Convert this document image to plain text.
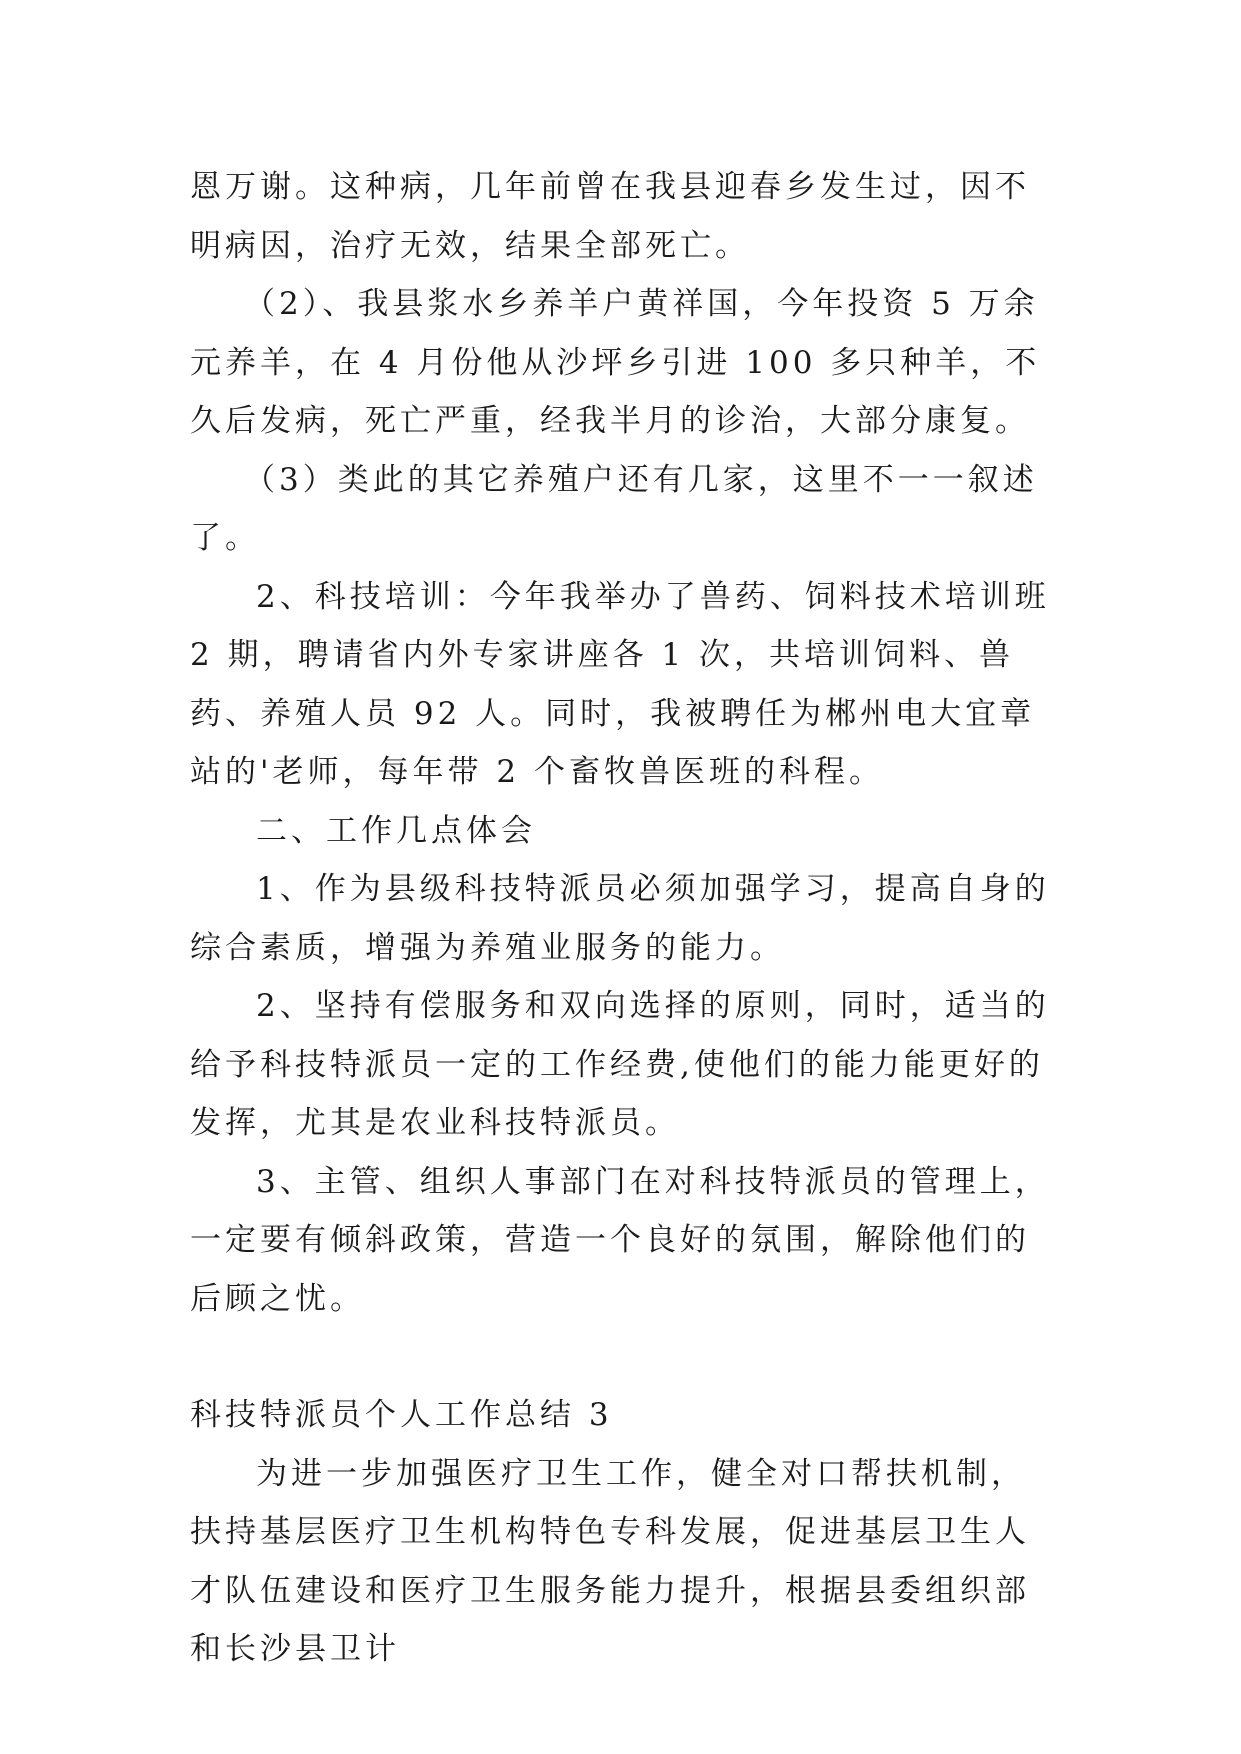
恩万谢。这种病，几年前曾在我县迎春乡发生过，因不明病因，治疗无效，结果全部死亡。

（2）、我县浆水乡养羊户黄祥国，今年投资 5 万余元养羊，在 4 月份他从沙坪乡引进 100 多只种羊，不久后发病，死亡严重，经我半月的诊治，大部分康复。

（3）类此的其它养殖户还有几家，这里不一一叙述了。

2、科技培训：今年我举办了兽药、饲料技术培训班 2 期，聘请省内外专家讲座各 1 次，共培训饲料、兽药、养殖人员 92 人。同时，我被聘任为郴州电大宜章站的'老师，每年带 2 个畜牧兽医班的科程。

二、工作几点体会

1、作为县级科技特派员必须加强学习，提高自身的综合素质，增强为养殖业服务的能力。

2、坚持有偿服务和双向选择的原则，同时，适当的给予科技特派员一定的工作经费,使他们的能力能更好的发挥，尤其是农业科技特派员。

3、主管、组织人事部门在对科技特派员的管理上，一定要有倾斜政策，营造一个良好的氛围，解除他们的后顾之忧。

科技特派员个人工作总结 3

为进一步加强医疗卫生工作，健全对口帮扶机制，扶持基层医疗卫生机构特色专科发展，促进基层卫生人才队伍建设和医疗卫生服务能力提升，根据县委组织部和长沙县卫计
